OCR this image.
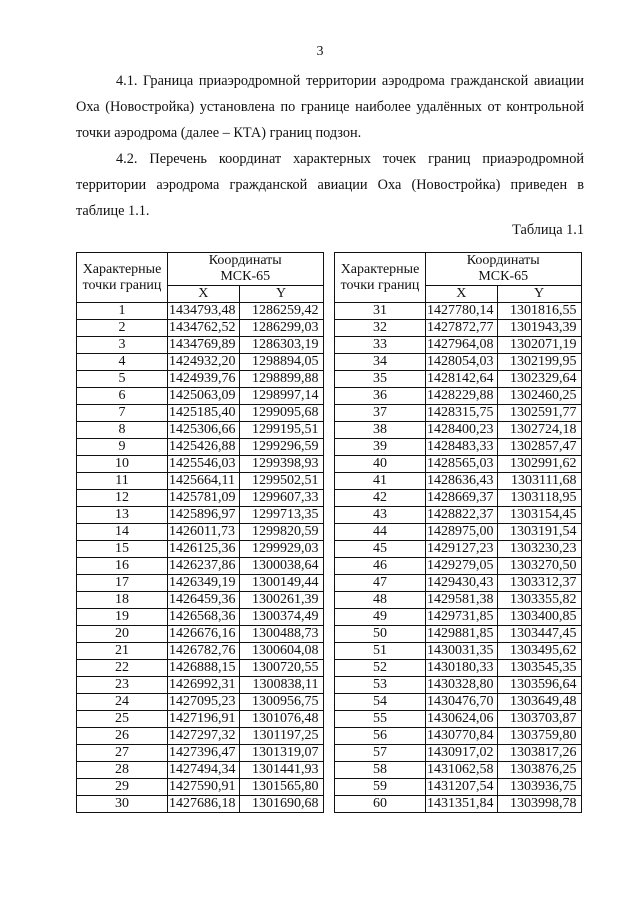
3
4.1. Граница приаэродромной территории аэродрома гражданской авиации Оха (Новостройка) установлена по границе наиболее удалённых от контрольной точки аэродрома (далее – КТА) границ подзон.
4.2. Перечень координат характерных точек границ приаэродромной территории аэродрома гражданской авиации Оха (Новостройка) приведен в таблице 1.1.
Таблица 1.1
Характерные точки границ	Координаты
МСК-65	
	X	Y
1	1434793,48	1286259,42
2	1434762,52	1286299,03
3	1434769,89	1286303,19
4	1424932,20	1298894,05
5	1424939,76	1298899,88
6	1425063,09	1298997,14
7	1425185,40	1299095,68
8	1425306,66	1299195,51
9	1425426,88	1299296,59
10	1425546,03	1299398,93
11	1425664,11	1299502,51
12	1425781,09	1299607,33
13	1425896,97	1299713,35
14	1426011,73	1299820,59
15	1426125,36	1299929,03
16	1426237,86	1300038,64
17	1426349,19	1300149,44
18	1426459,36	1300261,39
19	1426568,36	1300374,49
20	1426676,16	1300488,73
21	1426782,76	1300604,08
22	1426888,15	1300720,55
23	1426992,31	1300838,11
24	1427095,23	1300956,75
25	1427196,91	1301076,48
26	1427297,32	1301197,25
27	1427396,47	1301319,07
28	1427494,34	1301441,93
29	1427590,91	1301565,80
30	1427686,18	1301690,68
Характерные точки границ	Координаты
МСК-65	
	X	Y
31	1427780,14	1301816,55
32	1427872,77	1301943,39
33	1427964,08	1302071,19
34	1428054,03	1302199,95
35	1428142,64	1302329,64
36	1428229,88	1302460,25
37	1428315,75	1302591,77
38	1428400,23	1302724,18
39	1428483,33	1302857,47
40	1428565,03	1302991,62
41	1428636,43	1303111,68
42	1428669,37	1303118,95
43	1428822,37	1303154,45
44	1428975,00	1303191,54
45	1429127,23	1303230,23
46	1429279,05	1303270,50
47	1429430,43	1303312,37
48	1429581,38	1303355,82
49	1429731,85	1303400,85
50	1429881,85	1303447,45
51	1430031,35	1303495,62
52	1430180,33	1303545,35
53	1430328,80	1303596,64
54	1430476,70	1303649,48
55	1430624,06	1303703,87
56	1430770,84	1303759,80
57	1430917,02	1303817,26
58	1431062,58	1303876,25
59	1431207,54	1303936,75
60	1431351,84	1303998,78
